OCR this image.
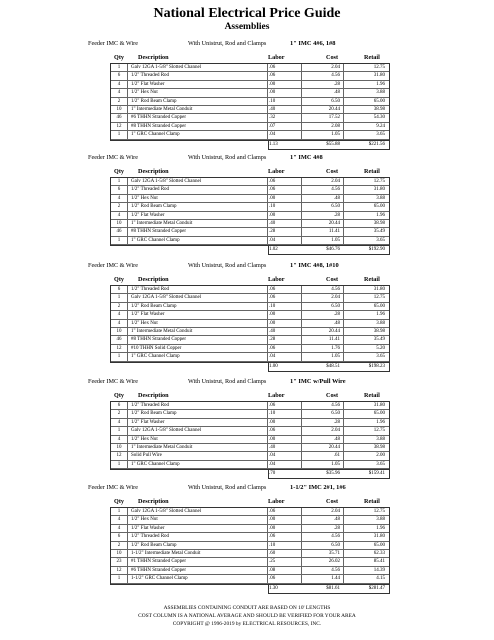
National Electrical Price Guide
Assemblies
Feeder IMC & Wire	With Unistrut, Rod and Clamps	1" IMC 4#6, 1#8
Qty Description	Labor	Cost	Retail
1	Galv 12GA 1-5/8" Slotted Channel	.06	2.04	12.75
6	1/2" Threaded Rod	.06	4.56	31.80
4	1/2" Flat Washer	.00	.28	1.96
4	1/2" Hex Nut	.00	.48	3.88
2	1/2" Rod Beam Clamp	.10	6.50	65.00
10	1" Intermediate Metal Conduit	.40	20.44	38.98
46	#6 THHN Stranded Copper	.32	17.52	54.30
12	#8 THHN Stranded Copper	.07	2.08	9.24
1	1" GRC Channel Clamp	.04	1.05	3.65
1.13	$55.88	$221.56
Feeder IMC & Wire	With Unistrut, Rod and Clamps	1" IMC 4#8
Qty Description	Labor	Cost	Retail
1	Galv 12GA 1-5/8" Slotted Channel	.06	2.04	12.75
6	1/2" Threaded Rod	.06	4.56	31.80
4	1/2" Hex Nut	.00	.48	3.88
2	1/2" Rod Beam Clamp	.10	6.50	65.00
4	1/2" Flat Washer	.00	.28	1.96
10	1" Intermediate Metal Conduit	.40	20.44	38.98
46	#8 THHN Stranded Copper	.28	11.41	35.49
1	1" GRC Channel Clamp	.04	1.05	3.65
1.02	$46.76	$192.90
Feeder IMC & Wire	With Unistrut, Rod and Clamps	1" IMC 4#8, 1#10
Qty Description	Labor	Cost	Retail
6	1/2" Threaded Rod	.06	4.56	31.80
1	Galv 12GA 1-5/8" Slotted Channel	.06	2.04	12.75
2	1/2" Rod Beam Clamp	.10	6.50	65.00
4	1/2" Flat Washer	.00	.28	1.96
4	1/2" Hex Nut	.00	.48	3.88
10	1" Intermediate Metal Conduit	.40	20.44	38.98
46	#8 THHN Stranded Copper	.28	11.41	35.49
12	#10 THHN Solid Copper	.06	1.76	5.20
1	1" GRC Channel Clamp	.04	1.05	3.65
1.00	$48.51	$198.23
Feeder IMC & Wire	With Unistrut, Rod and Clamps	1" IMC w/Pull Wire
Qty Description	Labor	Cost	Retail
6	1/2" Threaded Rod	.06	4.56	31.80
2	1/2" Rod Beam Clamp	.10	6.50	65.00
4	1/2" Flat Washer	.00	.28	1.96
1	Galv 12GA 1-5/8" Slotted Channel	.06	2.04	12.75
4	1/2" Hex Nut	.00	.48	3.88
10	1" Intermediate Metal Conduit	.40	20.44	38.98
12	Solid Pull Wire	.04	.61	2.00
1	1" GRC Channel Clamp	.04	1.05	3.65
.70	$35.96	$159.41
Feeder IMC & Wire	With Unistrut, Rod and Clamps	1-1/2" IMC 2#1, 1#6
Qty Description	Labor	Cost	Retail
1	Galv 12GA 1-5/8" Slotted Channel	.06	2.04	12.75
4	1/2" Hex Nut	.00	.48	3.88
4	1/2" Flat Washer	.00	.28	1.96
6	1/2" Threaded Rod	.06	4.56	31.80
2	1/2" Rod Beam Clamp	.10	6.50	65.00
10	1-1/2" Intermediate Metal Conduit	.60	35.71	62.33
23	#1 THHN Stranded Copper	.25	26.02	85.41
12	#6 THHN Stranded Copper	.08	4.56	14.39
1	1-1/2" GRC Channel Clamp	.06	1.44	4.15
1.30	$81.61	$281.47
ASSEMBLIES CONTAINING CONDUIT ARE BASED ON 10' LENGTHS
COST COLUMN IS A NATIONAL AVERAGE AND SHOULD BE VERIFIED FOR YOUR AREA
COPYRIGHT @ 1996-2019 by ELECTRICAL RESOURCES, INC.
